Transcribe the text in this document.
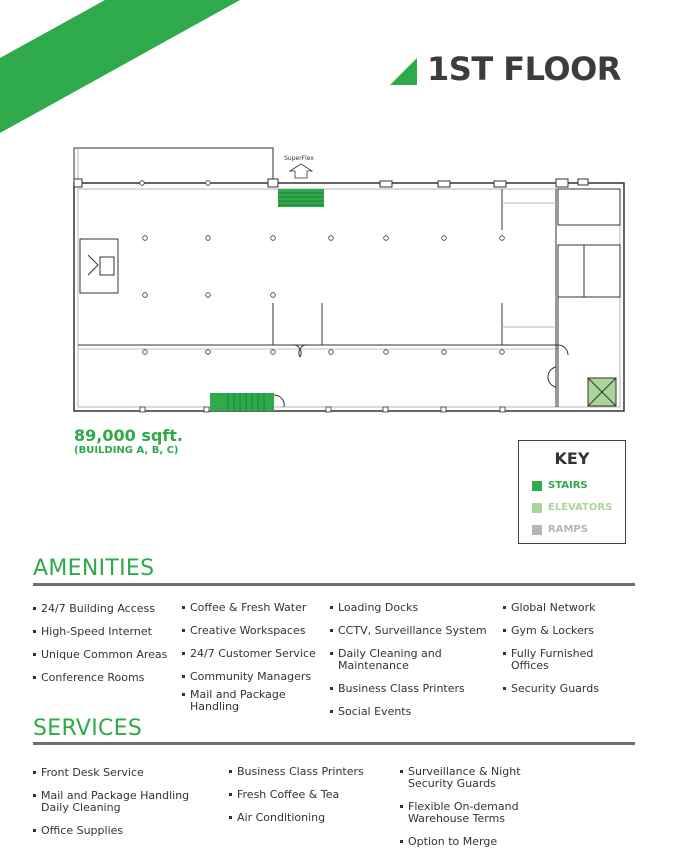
1ST FLOOR
SuperFlex
89,000 sqft.
(BUILDING A, B, C)	KEY
STAIRS
ELEVATORS
RAMPS
AMENITIES
24/7 Building Access
High-Speed Internet
Unique Common Areas
Conference Rooms
Coffee & Fresh Water
Creative Workspaces
24/7 Customer Service
Community Managers
Mail and Package Handling
Loading Docks
CCTV, Surveillance System
Daily Cleaning and Maintenance
Business Class Printers
Social Events
Global Network
Gym & Lockers
Fully Furnished Offices
Security Guards
SERVICES
Front Desk Service
Mail and Package Handling Daily Cleaning
Office Supplies
Business Class Printers
Fresh Coffee & Tea
Air Conditioning
Surveillance & Night Security Guards
Flexible On-demand Warehouse Terms
Option to Merge
